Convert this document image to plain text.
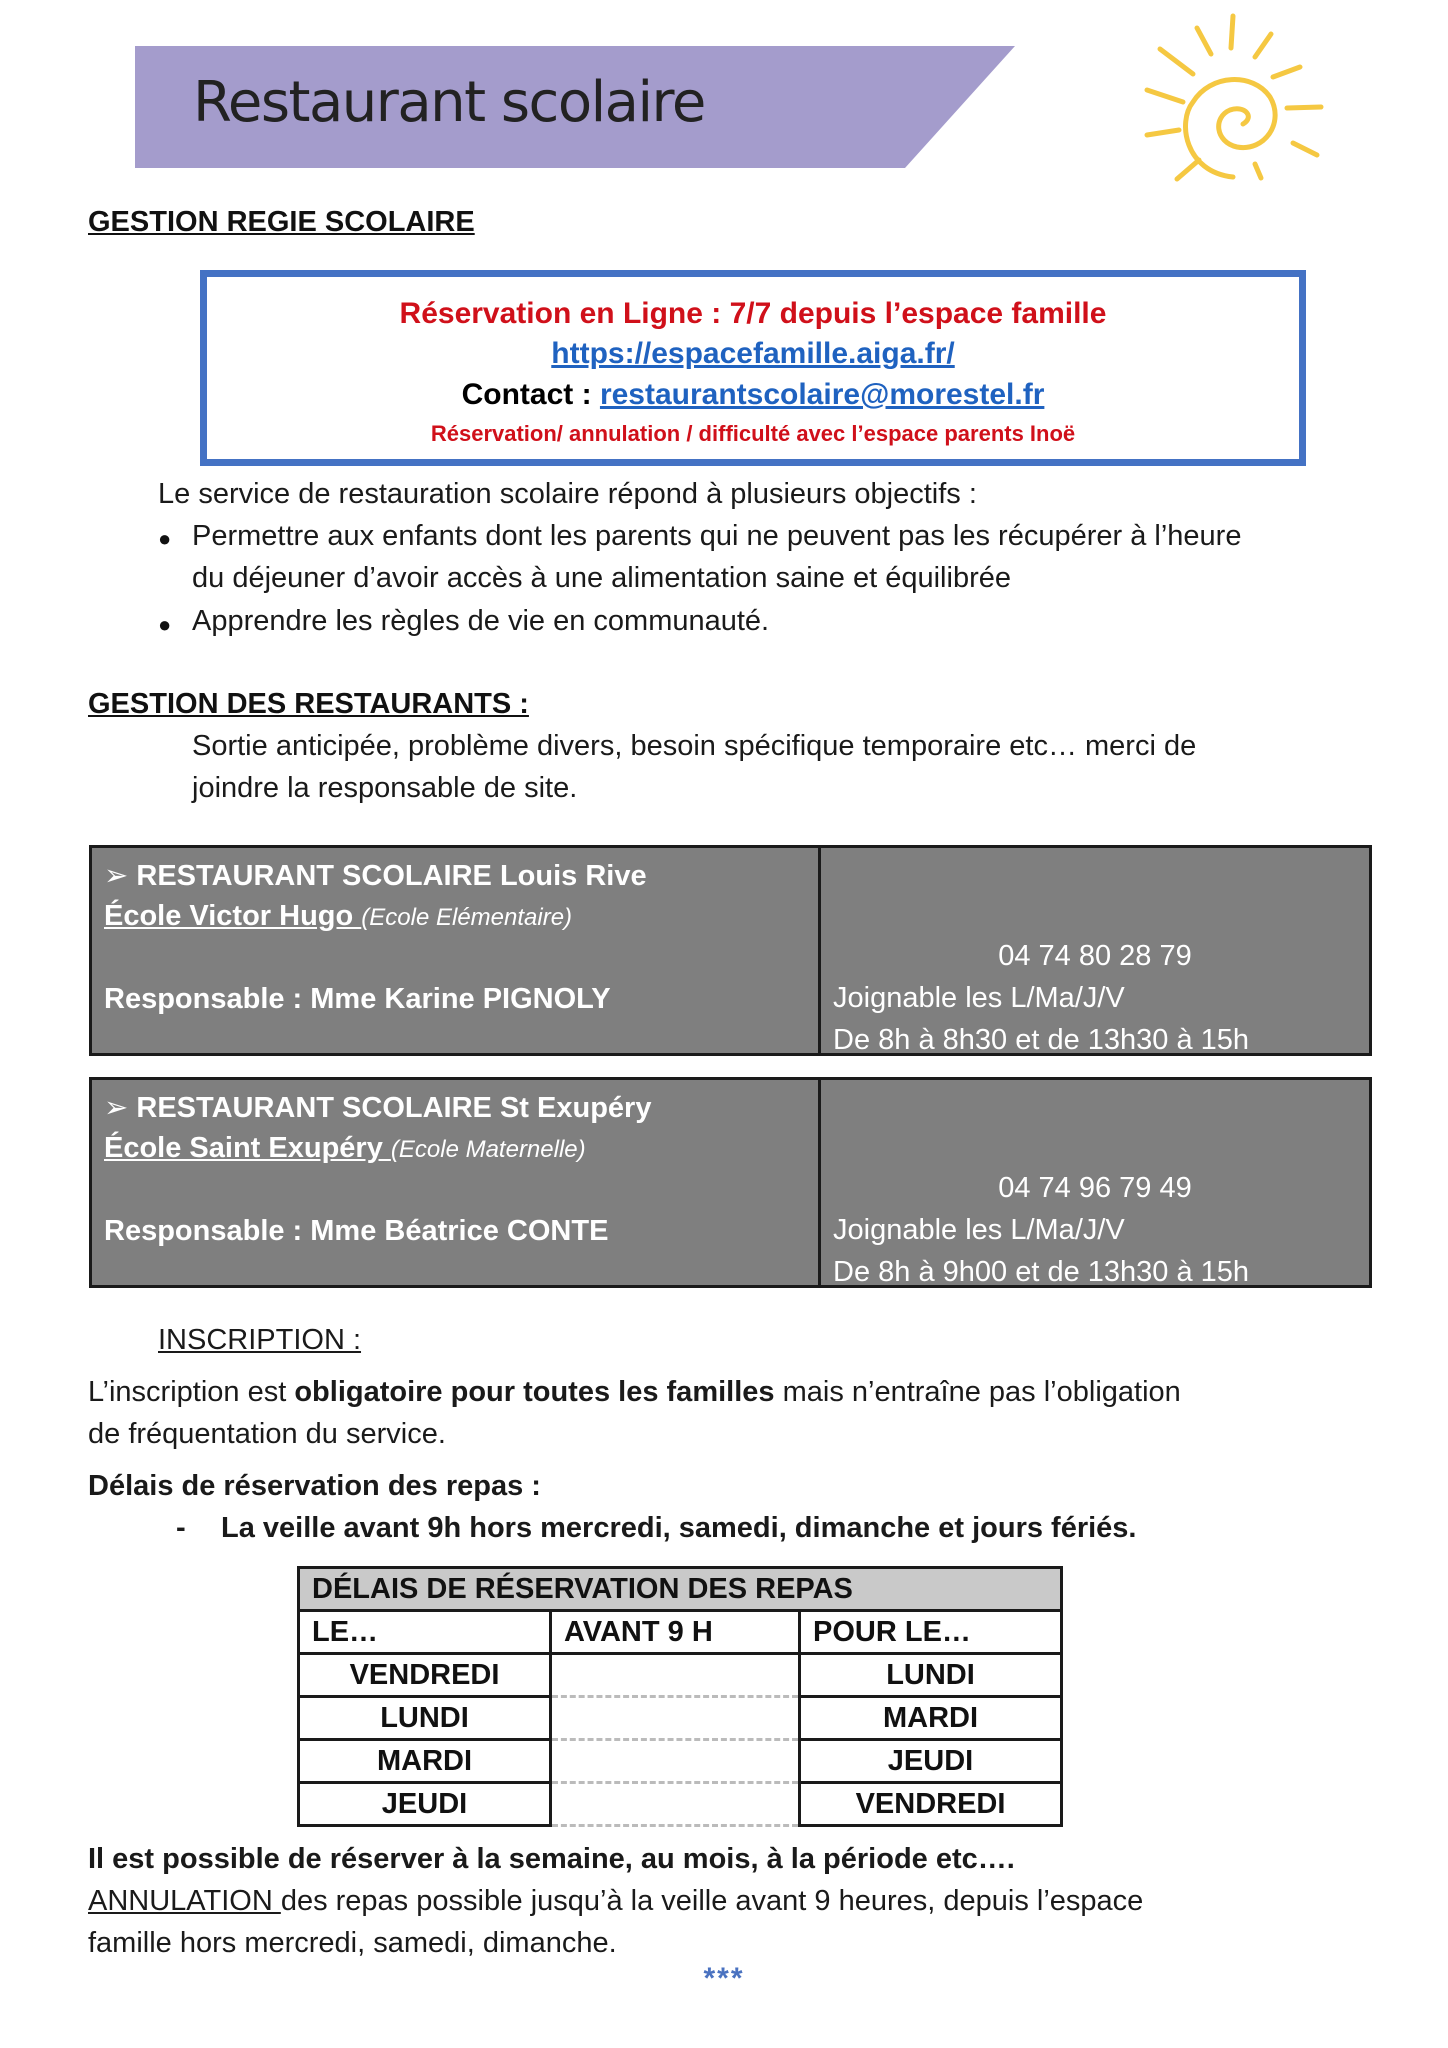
Restaurant scolaire
GESTION REGIE SCOLAIRE
Réservation en Ligne : 7/7 depuis l’espace famille
https://espacefamille.aiga.fr/
Contact : restaurantscolaire@morestel.fr
Réservation/ annulation / difficulté avec l’espace parents Inoë
Le service de restauration scolaire répond à plusieurs objectifs :
● Permettre aux enfants dont les parents qui ne peuvent pas les récupérer à l’heure
du déjeuner d’avoir accès à une alimentation saine et équilibrée
● Apprendre les règles de vie en communauté.
GESTION DES RESTAURANTS :
Sortie anticipée, problème divers, besoin spécifique temporaire etc… merci de
joindre la responsable de site.
➢ RESTAURANT SCOLAIRE Louis Rive
École Victor Hugo (Ecole Elémentaire)
Responsable : Mme Karine PIGNOLY
04 74 80 28 79
Joignable les L/Ma/J/V
De 8h à 8h30 et de 13h30 à 15h
➢ RESTAURANT SCOLAIRE St Exupéry
École Saint Exupéry (Ecole Maternelle)
Responsable : Mme Béatrice CONTE
04 74 96 79 49
Joignable les L/Ma/J/V
De 8h à 9h00 et de 13h30 à 15h
INSCRIPTION :
L’inscription est obligatoire pour toutes les familles mais n’entraîne pas l’obligation
de fréquentation du service.
Délais de réservation des repas :
- La veille avant 9h hors mercredi, samedi, dimanche et jours fériés.
DÉLAIS DE RÉSERVATION DES REPAS		
LE…	AVANT 9 H	POUR LE…
VENDREDI		LUNDI
LUNDI		MARDI
MARDI		JEUDI
JEUDI		VENDREDI
Il est possible de réserver à la semaine, au mois, à la période etc….
ANNULATION des repas possible jusqu’à la veille avant 9 heures, depuis l’espace
famille hors mercredi, samedi, dimanche.
***
